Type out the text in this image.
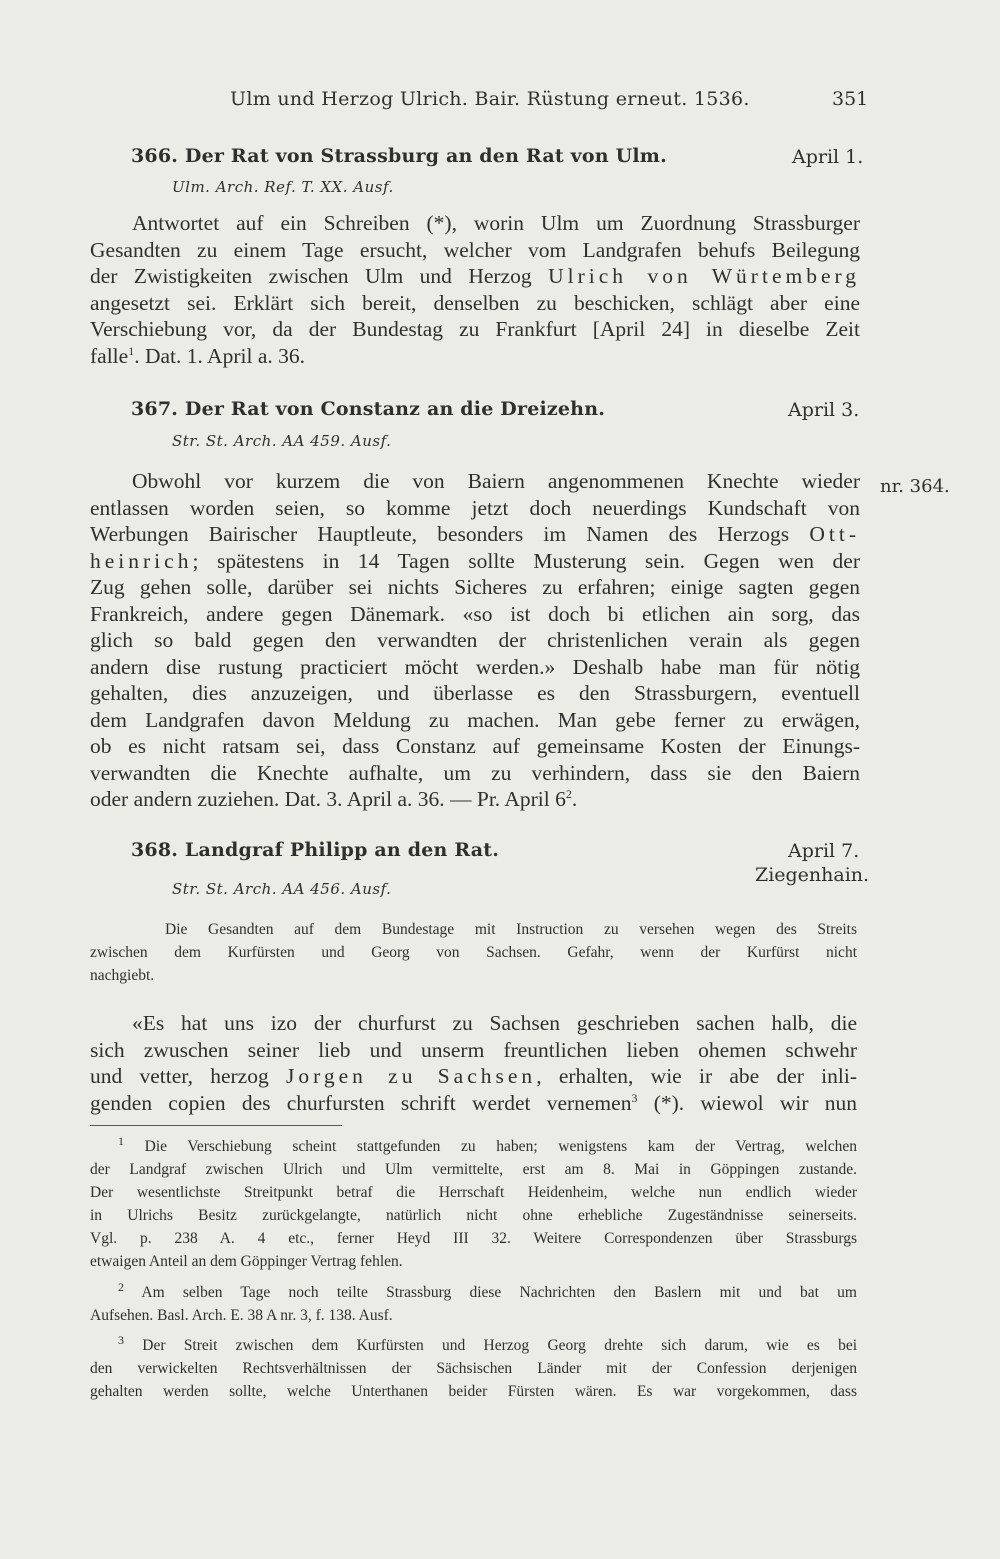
Ulm und Herzog Ulrich. Bair. Rüstung erneut. 1536.	351
366. Der Rat von Strassburg an den Rat von Ulm.	April 1.
Ulm. Arch. Ref. T. XX. Ausf.
Antwortet auf ein Schreiben (*), worin Ulm um Zuordnung Strassburger
Gesandten zu einem Tage ersucht, welcher vom Landgrafen behufs Beilegung
der Zwistigkeiten zwischen Ulm und Herzog Ulrich von Würtemberg
angesetzt sei. Erklärt sich bereit, denselben zu beschicken, schlägt aber eine
Verschiebung vor, da der Bundestag zu Frankfurt [April 24] in dieselbe Zeit
falle$^1$. Dat. 1. April a. 36.
367. Der Rat von Constanz an die Dreizehn.	April 3.
Str. St. Arch. AA 459. Ausf.
nr. 364.
Obwohl vor kurzem die von Baiern angenommenen Knechte wieder
entlassen worden seien, so komme jetzt doch neuerdings Kundschaft von
Werbungen Bairischer Hauptleute, besonders im Namen des Herzogs Ott-
heinrich; spätestens in 14 Tagen sollte Musterung sein. Gegen wen der
Zug gehen solle, darüber sei nichts Sicheres zu erfahren; einige sagten gegen
Frankreich, andere gegen Dänemark. «so ist doch bi etlichen ain sorg, das
glich so bald gegen den verwandten der christenlichen verain als gegen
andern dise rustung practiciert möcht werden.» Deshalb habe man für nötig
gehalten, dies anzuzeigen, und überlasse es den Strassburgern, eventuell
dem Landgrafen davon Meldung zu machen. Man gebe ferner zu erwägen,
ob es nicht ratsam sei, dass Constanz auf gemeinsame Kosten der Einungs-
verwandten die Knechte aufhalte, um zu verhindern, dass sie den Baiern
oder andern zuziehen. Dat. 3. April a. 36. — Pr. April $6^2$.
368. Landgraf Philipp an den Rat.	April 7.
Ziegenhain.
Str. St. Arch. AA 456. Ausf.
Die Gesandten auf dem Bundestage mit Instruction zu versehen wegen des Streits
zwischen dem Kurfürsten und Georg von Sachsen. Gefahr, wenn der Kurfürst nicht
nachgiebt.
«Es hat uns izo der churfurst zu Sachsen geschrieben sachen halb, die
sich zwuschen seiner lieb und unserm freuntlichen lieben ohemen schwehr
und vetter, herzog Jorgen zu Sachsen, erhalten, wie ir abe der inli-
genden copien des churfursten schrift werdet vernemen$^3$ (*). wiewol wir nun
$^1$ Die Verschiebung scheint stattgefunden zu haben; wenigstens kam der Vertrag, welchen
der Landgraf zwischen Ulrich und Ulm vermittelte, erst am 8. Mai in Göppingen zustande.
Der wesentlichste Streitpunkt betraf die Herrschaft Heidenheim, welche nun endlich wieder
in Ulrichs Besitz zurückgelangte, natürlich nicht ohne erhebliche Zugeständnisse seinerseits.
Vgl. p. 238 A. 4 etc., ferner Heyd III 32. Weitere Correspondenzen über Strassburgs
etwaigen Anteil an dem Göppinger Vertrag fehlen.
$^2$ Am selben Tage noch teilte Strassburg diese Nachrichten den Baslern mit und bat um
Aufsehen. Basl. Arch. E. 38 A nr. 3, f. 138. Ausf.
$^3$ Der Streit zwischen dem Kurfürsten und Herzog Georg drehte sich darum, wie es bei
den verwickelten Rechtsverhältnissen der Sächsischen Länder mit der Confession derjenigen
gehalten werden sollte, welche Unterthanen beider Fürsten wären. Es war vorgekommen, dass
